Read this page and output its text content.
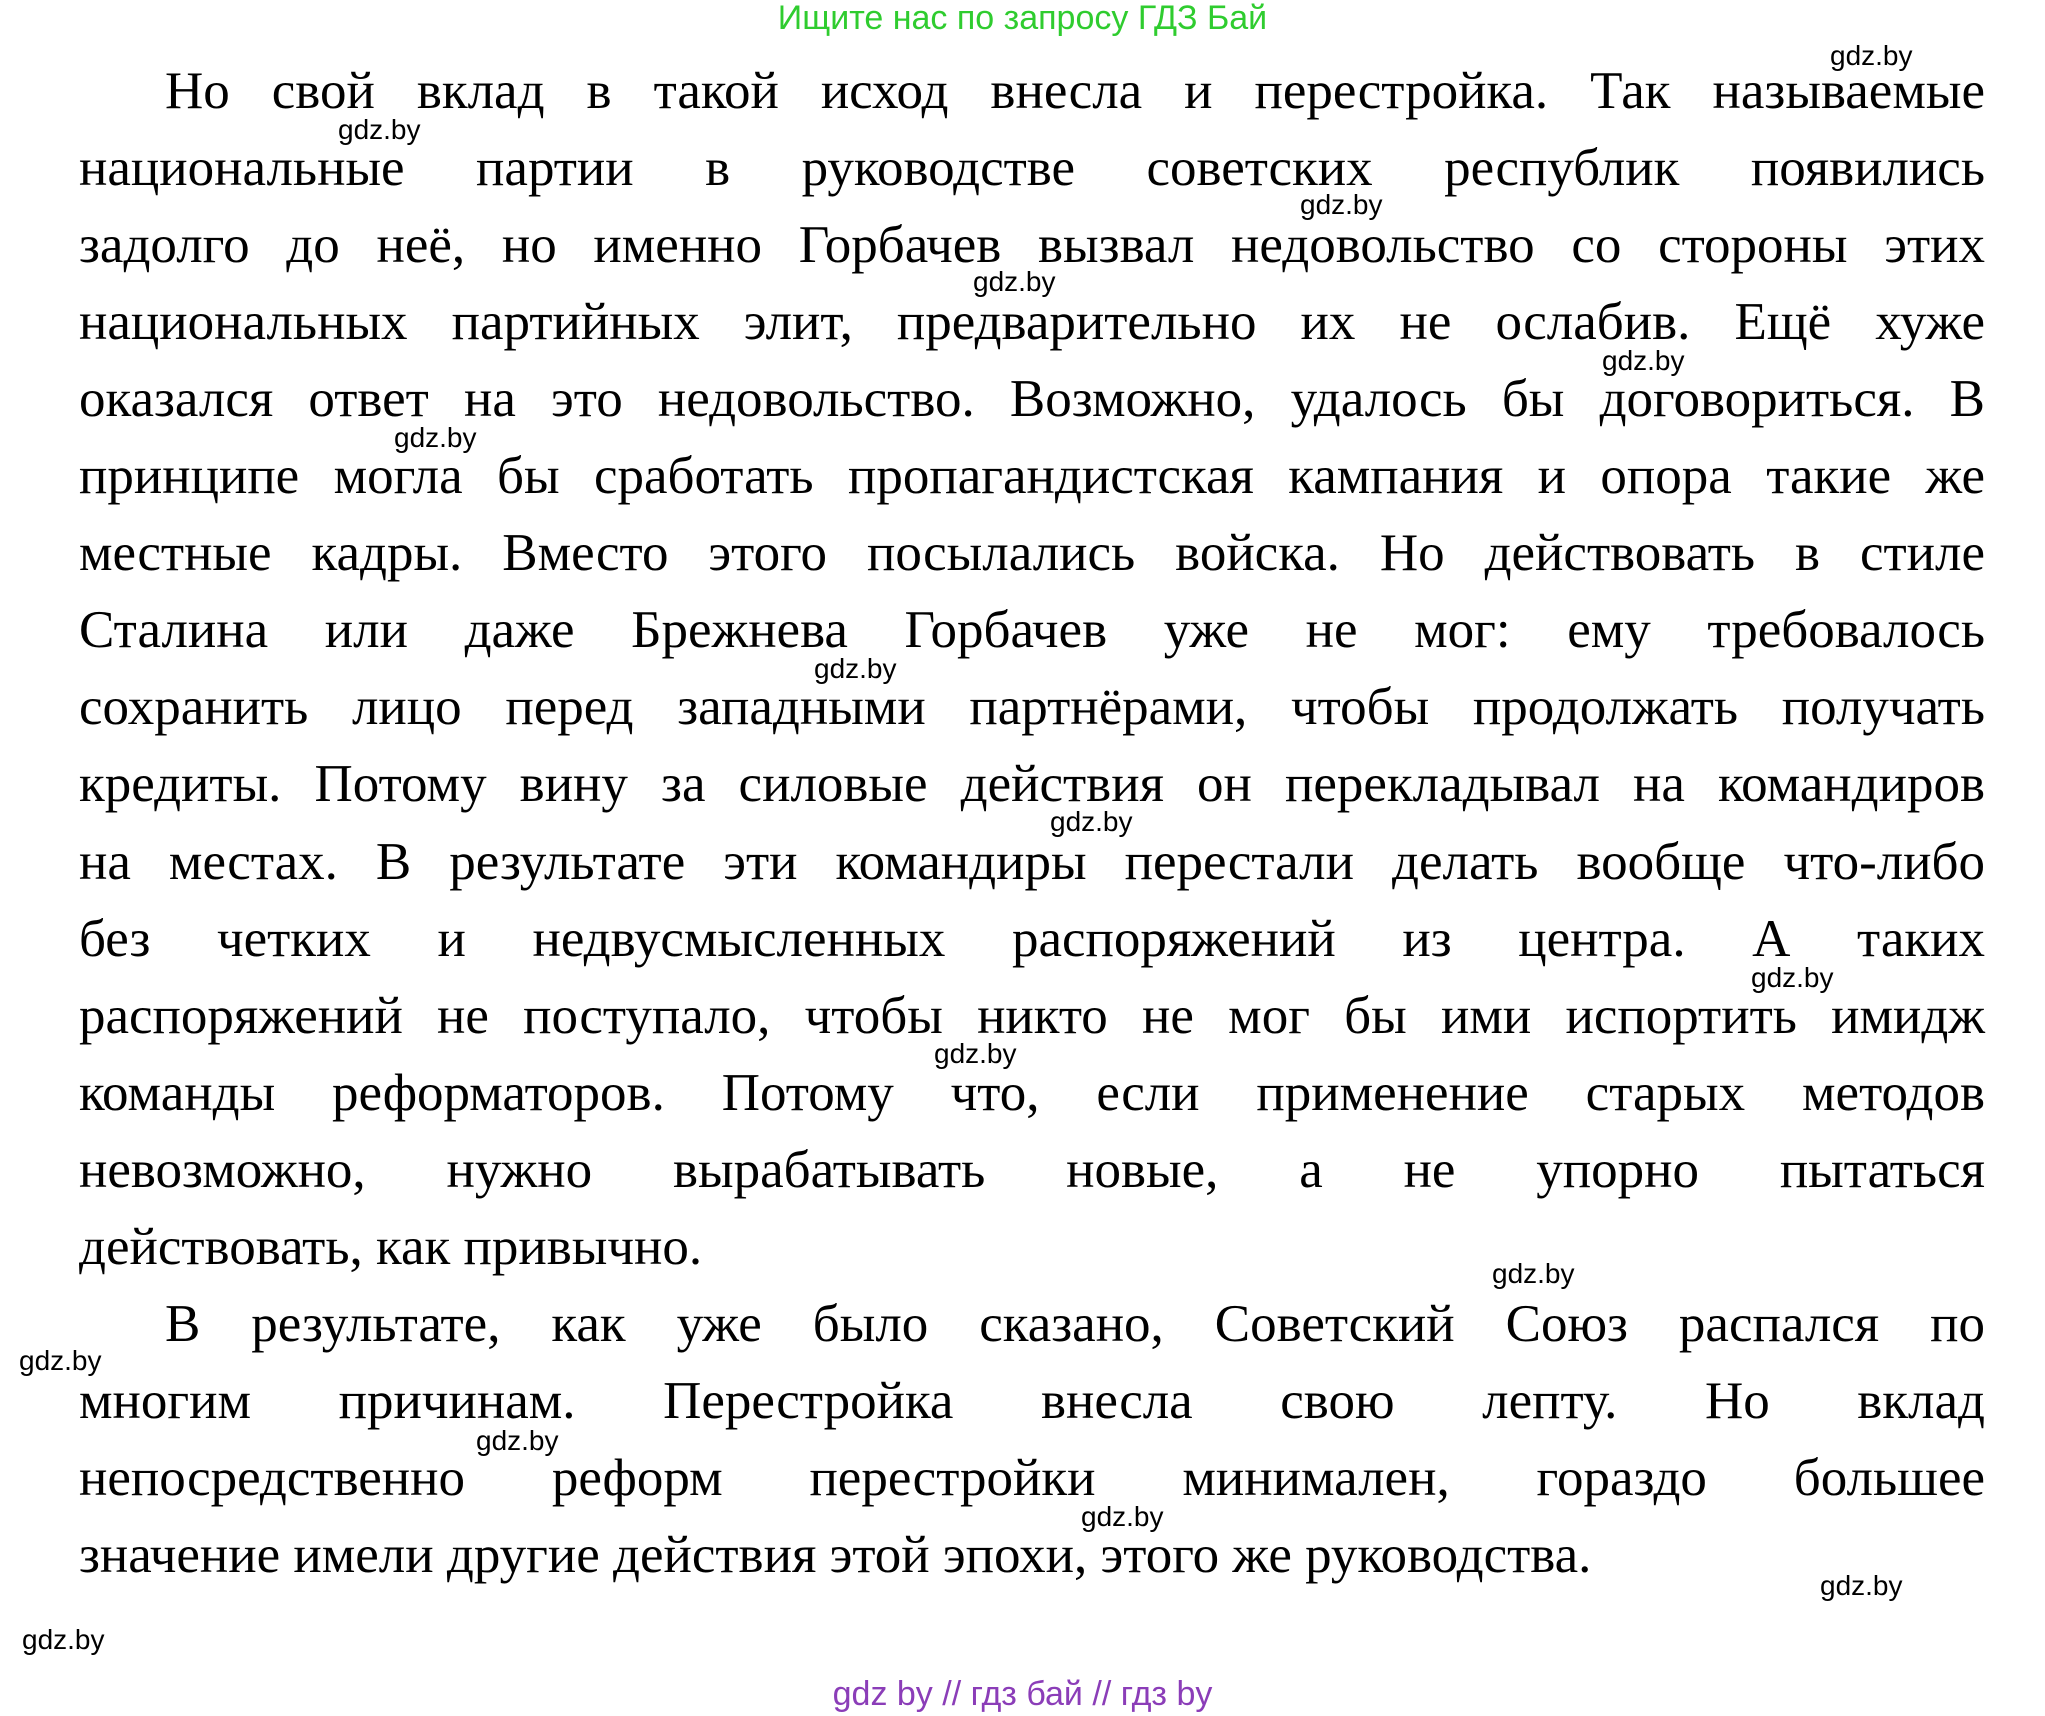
Ищите нас по запросу ГДЗ Бай
Но свой вклад в такой исход внесла и перестройка. Так называемые
национальные партии в руководстве советских республик появились
задолго до неё, но именно Горбачев вызвал недовольство со стороны этих
национальных партийных элит, предварительно их не ослабив. Ещё хуже
оказался ответ на это недовольство. Возможно, удалось бы договориться. В
принципе могла бы сработать пропагандистская кампания и опора такие же
местные кадры. Вместо этого посылались войска. Но действовать в стиле
Сталина или даже Брежнева Горбачев уже не мог: ему требовалось
сохранить лицо перед западными партнёрами, чтобы продолжать получать
кредиты. Потому вину за силовые действия он перекладывал на командиров
на местах. В результате эти командиры перестали делать вообще что-либо
без четких и недвусмысленных распоряжений из центра. А таких
распоряжений не поступало, чтобы никто не мог бы ими испортить имидж
команды реформаторов. Потому что, если применение старых методов
невозможно, нужно вырабатывать новые, а не упорно пытаться
действовать, как привычно.
В результате, как уже было сказано, Советский Союз распался по
многим причинам. Перестройка внесла свою лепту. Но вклад
непосредственно реформ перестройки минимален, гораздо большее
значение имели другие действия этой эпохи, этого же руководства.
gdz.by
gdz.by
gdz.by
gdz.by
gdz.by
gdz.by
gdz.by
gdz.by
gdz.by
gdz.by
gdz.by
gdz.by
gdz.by
gdz.by
gdz.by
gdz.by
gdz by // гдз бай // гдз by
